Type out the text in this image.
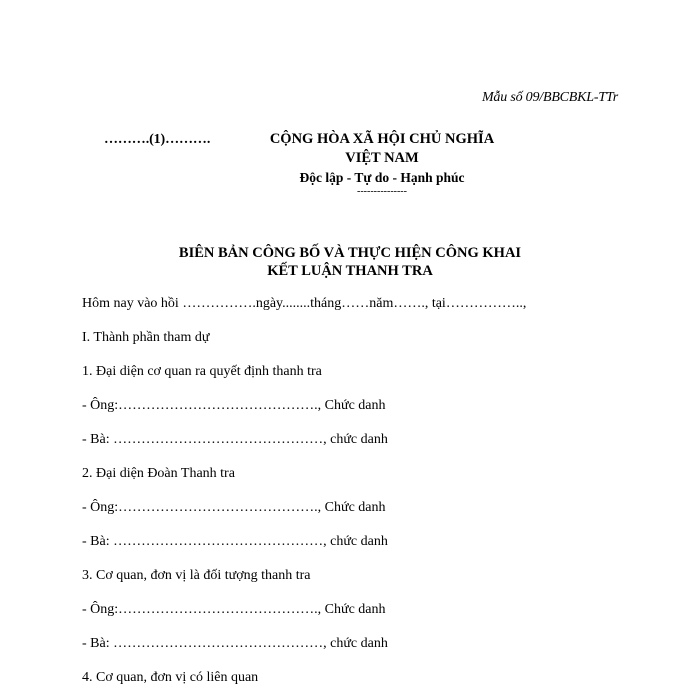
Mẫu số 09/BBCBKL-TTr
……….(1)……….	CỘNG HÒA XÃ HỘI CHỦ NGHĨA
VIỆT NAM
Độc lập - Tự do - Hạnh phúc
---------------
BIÊN BẢN CÔNG BỐ VÀ THỰC HIỆN CÔNG KHAI
KẾT LUẬN THANH TRA
Hôm nay vào hồi …………….ngày........tháng……năm……., tại……………..,
I. Thành phần tham dự
1. Đại diện cơ quan ra quyết định thanh tra
- Ông:……………………………………., Chức danh
- Bà: ………………………………………, chức danh
2. Đại diện Đoàn Thanh tra
- Ông:……………………………………., Chức danh
- Bà: ………………………………………, chức danh
3. Cơ quan, đơn vị là đối tượng thanh tra
- Ông:……………………………………., Chức danh
- Bà: ………………………………………, chức danh
4. Cơ quan, đơn vị có liên quan
